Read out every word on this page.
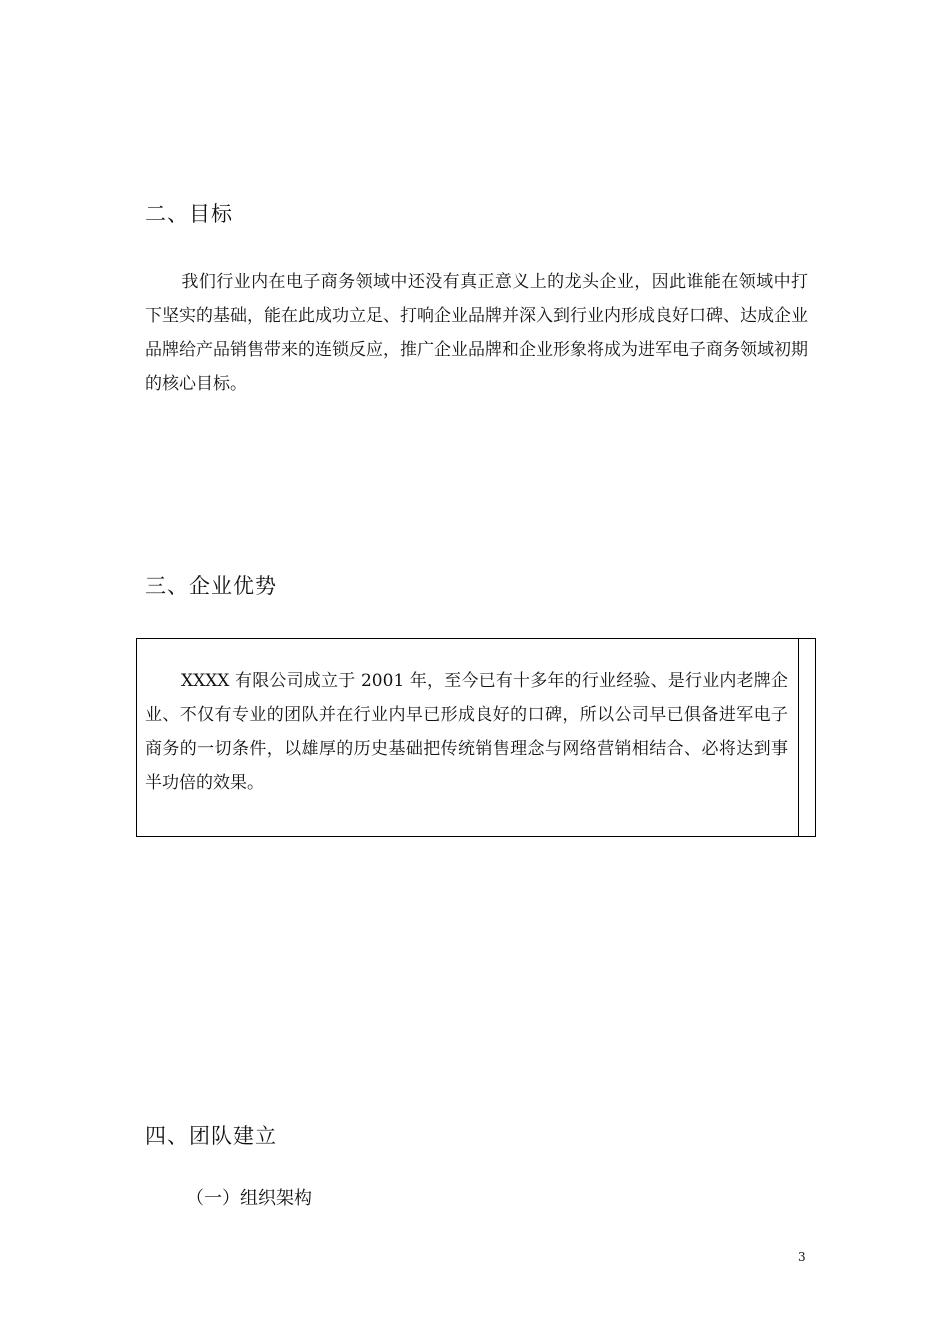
二、目标

我们行业内在电子商务领域中还没有真正意义上的龙头企业，因此谁能在领域中打下坚实的基础，能在此成功立足、打响企业品牌并深入到行业内形成良好口碑、达成企业品牌给产品销售带来的连锁反应，推广企业品牌和企业形象将成为进军电子商务领域初期的核心目标。

三、企业优势

XXXX 有限公司成立于 2001 年，至今已有十多年的行业经验、是行业内老牌企业、不仅有专业的团队并在行业内早已形成良好的口碑，所以公司早已俱备进军电子商务的一切条件，以雄厚的历史基础把传统销售理念与网络营销相结合、必将达到事半功倍的效果。

四、团队建立
（一）组织架构
3
